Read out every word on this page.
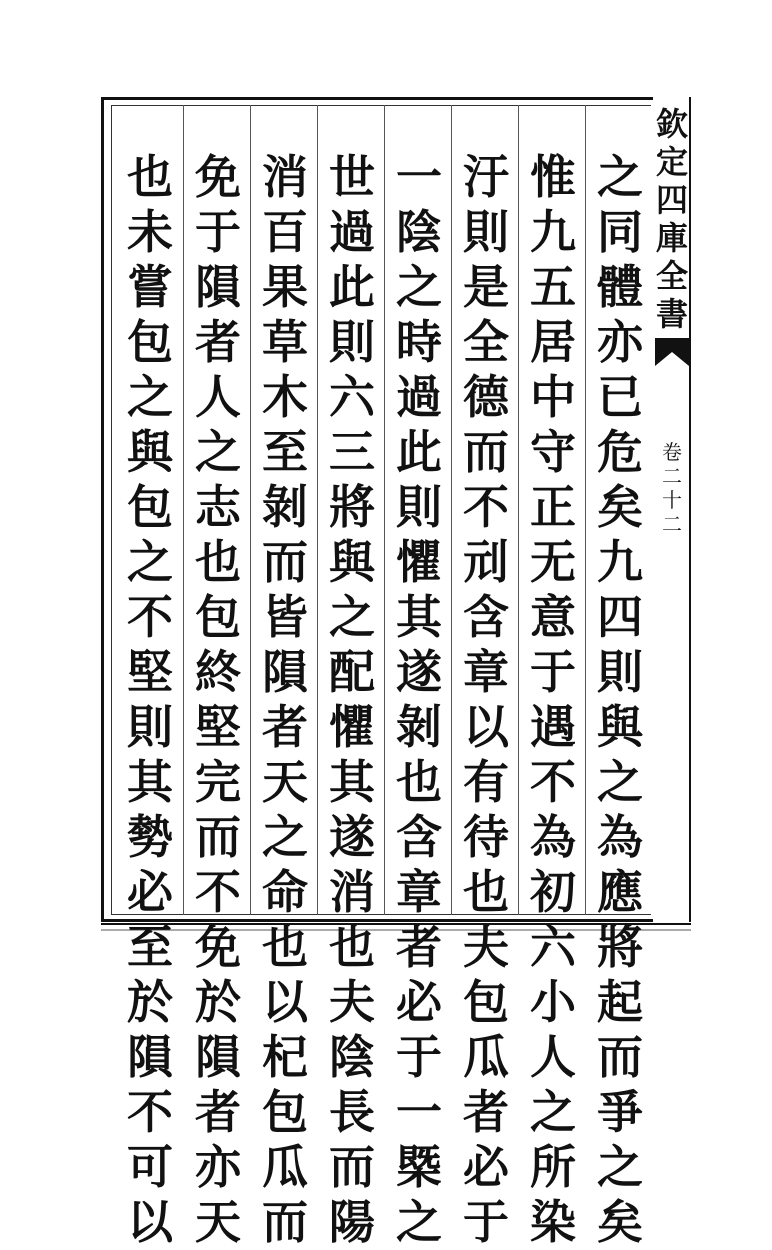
欽
定
四
庫
全
書
卷
二
十
二
之
同
體
亦
已
危
矣
九
四
則
與
之
為
應
將
起
而
爭
之
矣
惟
九
五
居
中
守
正
无
意
于
遇
不
為
初
六
小
人
之
所
染
汙
則
是
全
德
而
不
刓
含
章
以
有
待
也
夫
包
瓜
者
必
于
一
陰
之
時
過
此
則
懼
其
遂
剝
也
含
章
者
必
于
一
槩
之
世
過
此
則
六
三
將
與
之
配
懼
其
遂
消
也
夫
陰
長
而
陽
消
百
果
草
木
至
剝
而
皆
隕
者
天
之
命
也
以
杞
包
瓜
而
免
于
隕
者
人
之
志
也
包
終
堅
完
而
不
免
於
隕
者
亦
天
也
未
嘗
包
之
與
包
之
不
堅
則
其
勢
必
至
於
隕
不
可
以
